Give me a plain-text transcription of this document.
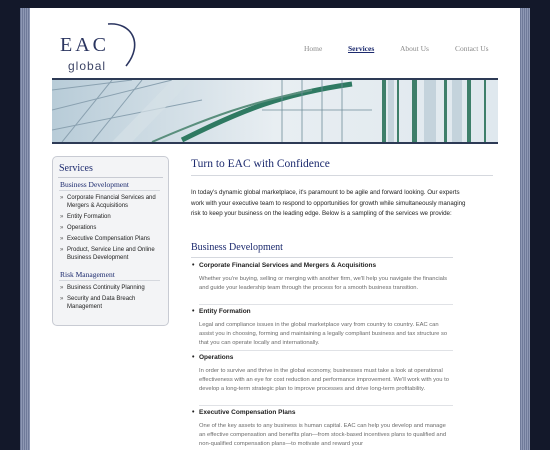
EAC
global
Home	Services	About Us	Contact Us
Services
Business Development
» Corporate Financial Services and Mergers & Acquisitions
» Entity Formation
» Operations
» Executive Compensation Plans
» Product, Service Line and Online Business Development
Risk Management
» Business Continuity Planning
» Security and Data Breach Management
Turn to EAC with Confidence

In today's dynamic global marketplace, it's paramount to be agile and forward looking. Our experts work with your executive team to respond to opportunities for growth while simultaneously managing risk to keep your business on the leading edge. Below is a sampling of the services we provide:

Business Development
• Corporate Financial Services and Mergers & Acquisitions

Whether you're buying, selling or merging with another firm, we'll help you navigate the financials and guide your leadership team through the process for a smooth business transition.

• Entity Formation

Legal and compliance issues in the global marketplace vary from country to country. EAC can assist you in choosing, forming and maintaining a legally compliant business and tax structure so that you can operate locally and internationally.

• Operations

In order to survive and thrive in the global economy, businesses must take a look at operational effectiveness with an eye for cost reduction and performance improvement. We'll work with you to develop a long-term strategic plan to improve processes and drive long-term profitability.

• Executive Compensation Plans

One of the key assets to any business is human capital. EAC can help you develop and manage an effective compensation and benefits plan—from stock-based incentives plans to qualified and non-qualified compensation plans—to motivate and reward your
